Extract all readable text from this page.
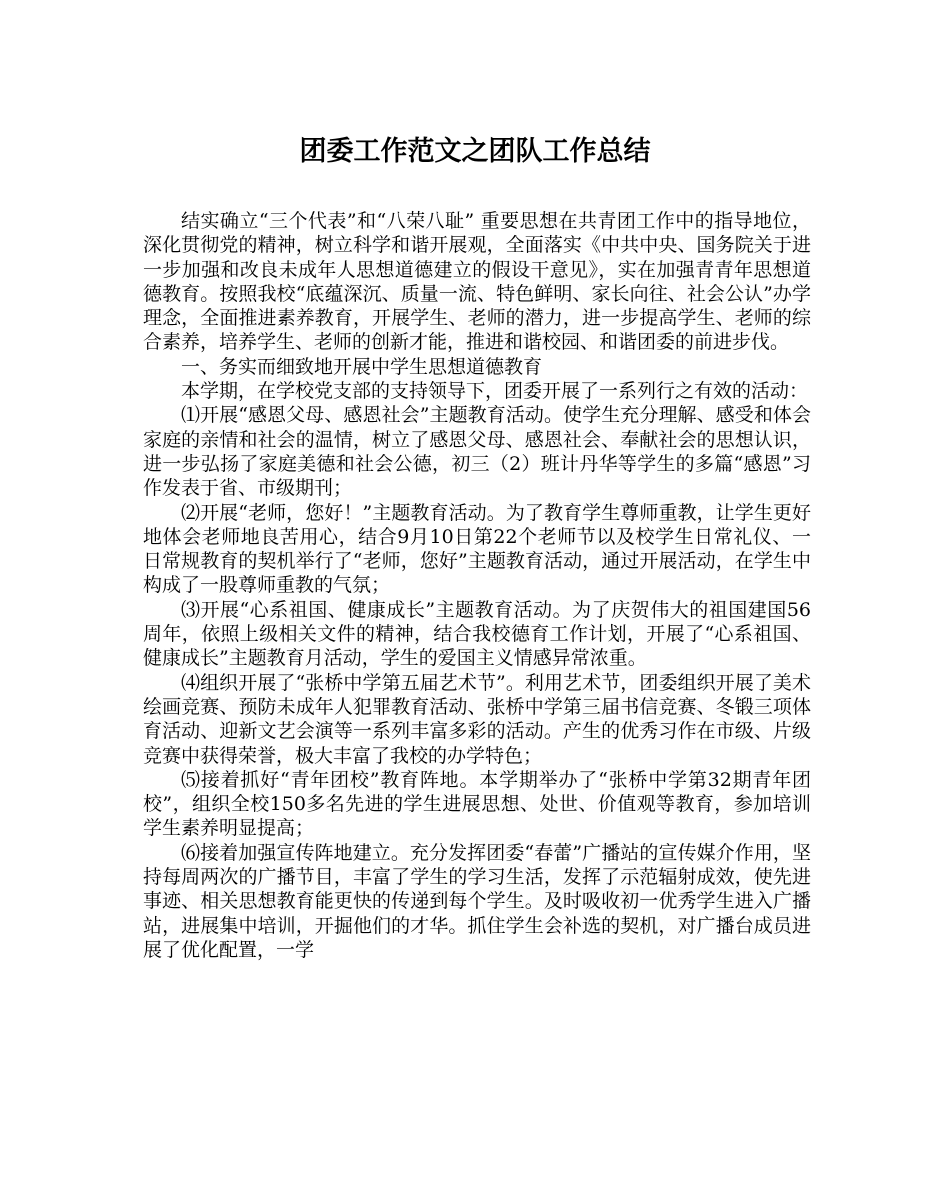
团委工作范文之团队工作总结

结实确立“三个代表”和“八荣八耻” 重要思想在共青团工作中的指导地位，深化贯彻党的精神，树立科学和谐开展观，全面落实《中共中央、国务院关于进一步加强和改良未成年人思想道德建立的假设干意见》，实在加强青青年思想道德教育。按照我校“底蕴深沉、质量一流、特色鲜明、家长向往、社会公认”办学理念，全面推进素养教育，开展学生、老师的潜力，进一步提高学生、老师的综合素养，培养学生、老师的创新才能，推进和谐校园、和谐团委的前进步伐。

一、务实而细致地开展中学生思想道德教育

本学期，在学校党支部的支持领导下，团委开展了一系列行之有效的活动：

⑴开展“感恩父母、感恩社会”主题教育活动。使学生充分理解、感受和体会家庭的亲情和社会的温情，树立了感恩父母、感恩社会、奉献社会的思想认识，进一步弘扬了家庭美德和社会公德，初三（2）班计丹华等学生的多篇“感恩”习作发表于省、市级期刊；

⑵开展“老师，您好！”主题教育活动。为了教育学生尊师重教，让学生更好地体会老师地良苦用心，结合9月10日第22个老师节以及校学生日常礼仪、一日常规教育的契机举行了“老师，您好”主题教育活动，通过开展活动，在学生中构成了一股尊师重教的气氛；

⑶开展“心系祖国、健康成长”主题教育活动。为了庆贺伟大的祖国建国56周年，依照上级相关文件的精神，结合我校德育工作计划，开展了“心系祖国、健康成长”主题教育月活动，学生的爱国主义情感异常浓重。

⑷组织开展了“张桥中学第五届艺术节”。利用艺术节，团委组织开展了美术绘画竞赛、预防未成年人犯罪教育活动、张桥中学第三届书信竞赛、冬锻三项体育活动、迎新文艺会演等一系列丰富多彩的活动。产生的优秀习作在市级、片级竞赛中获得荣誉，极大丰富了我校的办学特色；

⑸接着抓好“青年团校”教育阵地。本学期举办了“张桥中学第32期青年团校”，组织全校150多名先进的学生进展思想、处世、价值观等教育，参加培训学生素养明显提高；

⑹接着加强宣传阵地建立。充分发挥团委“春蕾”广播站的宣传媒介作用，坚持每周两次的广播节目，丰富了学生的学习生活，发挥了示范辐射成效，使先进事迹、相关思想教育能更快的传递到每个学生。及时吸收初一优秀学生进入广播站，进展集中培训，开掘他们的才华。抓住学生会补选的契机，对广播台成员进展了优化配置，一学
